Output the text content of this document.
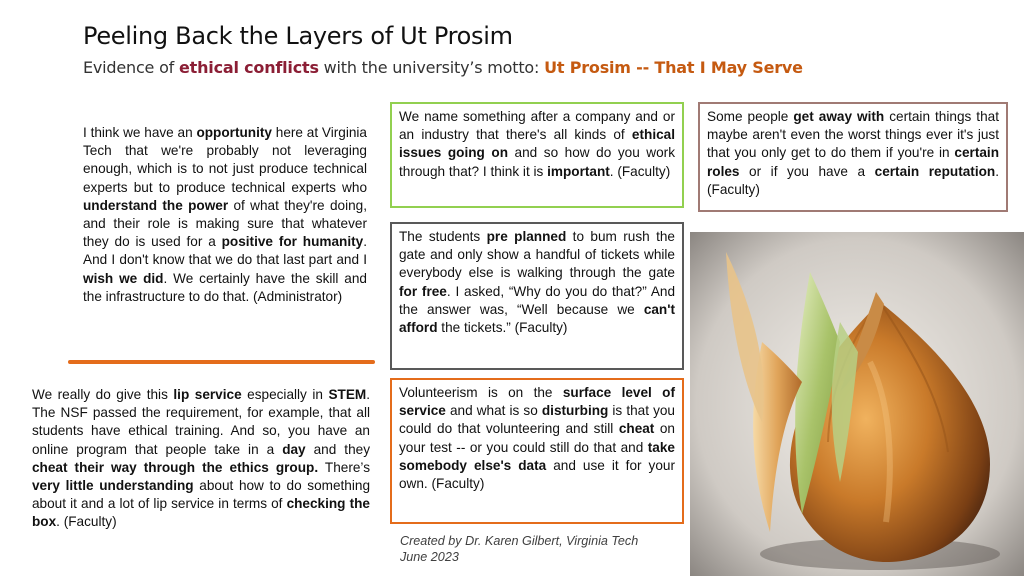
Peeling Back the Layers of Ut Prosim
Evidence of ethical conflicts with the university’s motto: Ut Prosim -- That I May Serve
I think we have an opportunity here at Virginia Tech that we're probably not leveraging enough, which is to not just produce technical experts but to produce technical experts who understand the power of what they're doing, and their role is making sure that whatever they do is used for a positive for humanity. And I don't know that we do that last part and I wish we did. We certainly have the skill and the infrastructure to do that. (Administrator)
We really do give this lip service especially in STEM. The NSF passed the requirement, for example, that all students have ethical training. And so, you have an online program that people take in a day and they cheat their way through the ethics group. There’s very little understanding about how to do something about it and a lot of lip service in terms of checking the box. (Faculty)
We name something after a company and or an industry that there's all kinds of ethical issues going on and so how do you work through that? I think it is important. (Faculty)
The students pre planned to bum rush the gate and only show a handful of tickets while everybody else is walking through the gate for free. I asked, “Why do you do that?” And the answer was, “Well because we can't afford the tickets.” (Faculty)
Volunteerism is on the surface level of service and what is so disturbing is that you could do that volunteering and still cheat on your test -- or you could still do that and take somebody else's data and use it for your own. (Faculty)
Some people get away with certain things that maybe aren't even the worst things ever it's just that you only get to do them if you're in certain roles or if you have a certain reputation. (Faculty)
Created by Dr. Karen Gilbert, Virginia Tech
June 2023
